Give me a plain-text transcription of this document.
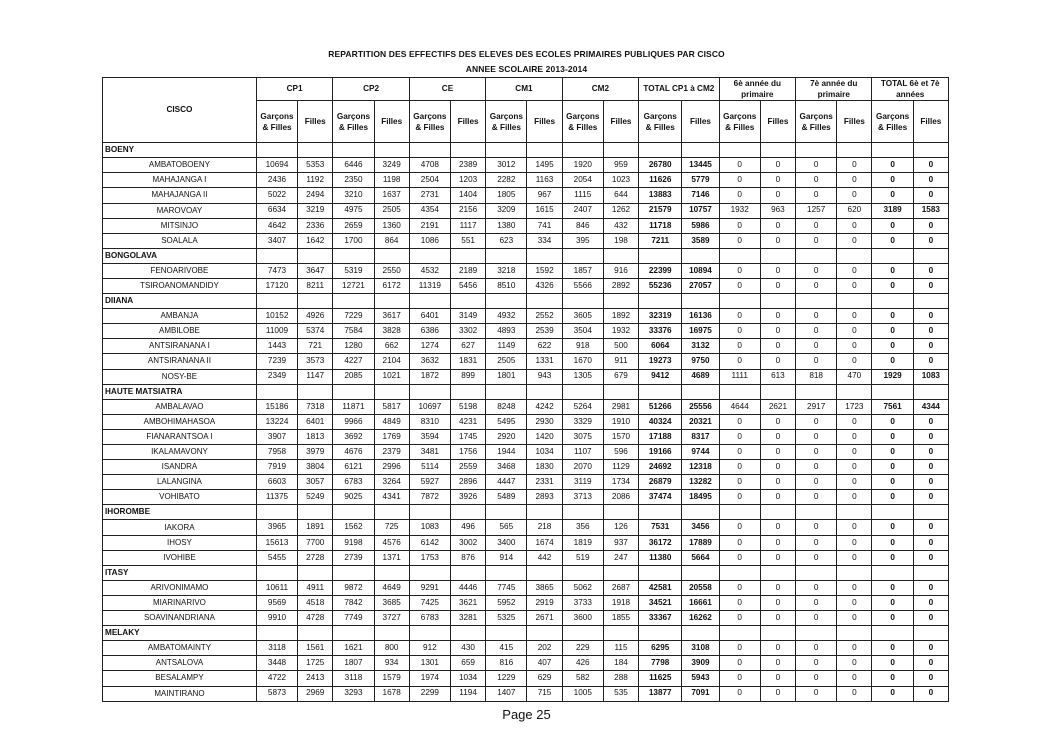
REPARTITION DES EFFECTIFS DES ELEVES DES ECOLES PRIMAIRES PUBLIQUES PAR CISCO
ANNEE SCOLAIRE 2013-2014
CISCO	CP1		CP2		CE		CM1		CM2		TOTAL CP1 à CM2		6è année du primaire		7è année du primaire		TOTAL 6è et 7è années	
	Garçons & Filles	Filles	Garçons & Filles	Filles	Garçons & Filles	Filles	Garçons & Filles	Filles	Garçons & Filles	Filles	Garçons & Filles	Filles	Garçons & Filles	Filles	Garçons & Filles	Filles	Garçons & Filles	Filles
BOENY																		
AMBATOBOENY	10694	5353	6446	3249	4708	2389	3012	1495	1920	959	26780	13445	0	0	0	0	0	0
MAHAJANGA I	2436	1192	2350	1198	2504	1203	2282	1163	2054	1023	11626	5779	0	0	0	0	0	0
MAHAJANGA II	5022	2494	3210	1637	2731	1404	1805	967	1115	644	13883	7146	0	0	0	0	0	0
MAROVOAY	6634	3219	4975	2505	4354	2156	3209	1615	2407	1262	21579	10757	1932	963	1257	620	3189	1583
MITSINJO	4642	2336	2659	1360	2191	1117	1380	741	846	432	11718	5986	0	0	0	0	0	0
SOALALA	3407	1642	1700	864	1086	551	623	334	395	198	7211	3589	0	0	0	0	0	0
BONGOLAVA																		
FENOARIVOBE	7473	3647	5319	2550	4532	2189	3218	1592	1857	916	22399	10894	0	0	0	0	0	0
TSIROANOMANDIDY	17120	8211	12721	6172	11319	5456	8510	4326	5566	2892	55236	27057	0	0	0	0	0	0
DIIANA																		
AMBANJA	10152	4926	7229	3617	6401	3149	4932	2552	3605	1892	32319	16136	0	0	0	0	0	0
AMBILOBE	11009	5374	7584	3828	6386	3302	4893	2539	3504	1932	33376	16975	0	0	0	0	0	0
ANTSIRANANA I	1443	721	1280	662	1274	627	1149	622	918	500	6064	3132	0	0	0	0	0	0
ANTSIRANANA II	7239	3573	4227	2104	3632	1831	2505	1331	1670	911	19273	9750	0	0	0	0	0	0
NOSY-BE	2349	1147	2085	1021	1872	899	1801	943	1305	679	9412	4689	1111	613	818	470	1929	1083
HAUTE MATSIATRA																		
AMBALAVAO	15186	7318	11871	5817	10697	5198	8248	4242	5264	2981	51266	25556	4644	2621	2917	1723	7561	4344
AMBOHIMAHASOA	13224	6401	9966	4849	8310	4231	5495	2930	3329	1910	40324	20321	0	0	0	0	0	0
FIANARANTSOA I	3907	1813	3692	1769	3594	1745	2920	1420	3075	1570	17188	8317	0	0	0	0	0	0
IKALAMAVONY	7958	3979	4676	2379	3481	1756	1944	1034	1107	596	19166	9744	0	0	0	0	0	0
ISANDRA	7919	3804	6121	2996	5114	2559	3468	1830	2070	1129	24692	12318	0	0	0	0	0	0
LALANGINA	6603	3057	6783	3264	5927	2896	4447	2331	3119	1734	26879	13282	0	0	0	0	0	0
VOHIBATO	11375	5249	9025	4341	7872	3926	5489	2893	3713	2086	37474	18495	0	0	0	0	0	0
IHOROMBE																		
IAKORA	3965	1891	1562	725	1083	496	565	218	356	126	7531	3456	0	0	0	0	0	0
IHOSY	15613	7700	9198	4576	6142	3002	3400	1674	1819	937	36172	17889	0	0	0	0	0	0
IVOHIBE	5455	2728	2739	1371	1753	876	914	442	519	247	11380	5664	0	0	0	0	0	0
ITASY																		
ARIVONIMAMO	10611	4911	9872	4649	9291	4446	7745	3865	5062	2687	42581	20558	0	0	0	0	0	0
MIARINARIVO	9569	4518	7842	3685	7425	3621	5952	2919	3733	1918	34521	16661	0	0	0	0	0	0
SOAVINANDRIANA	9910	4728	7749	3727	6783	3281	5325	2671	3600	1855	33367	16262	0	0	0	0	0	0
MELAKY																		
AMBATOMAINTY	3118	1561	1621	800	912	430	415	202	229	115	6295	3108	0	0	0	0	0	0
ANTSALOVA	3448	1725	1807	934	1301	659	816	407	426	184	7798	3909	0	0	0	0	0	0
BESALAMPY	4722	2413	3118	1579	1974	1034	1229	629	582	288	11625	5943	0	0	0	0	0	0
MAINTIRANO	5873	2969	3293	1678	2299	1194	1407	715	1005	535	13877	7091	0	0	0	0	0	0
Page 25
